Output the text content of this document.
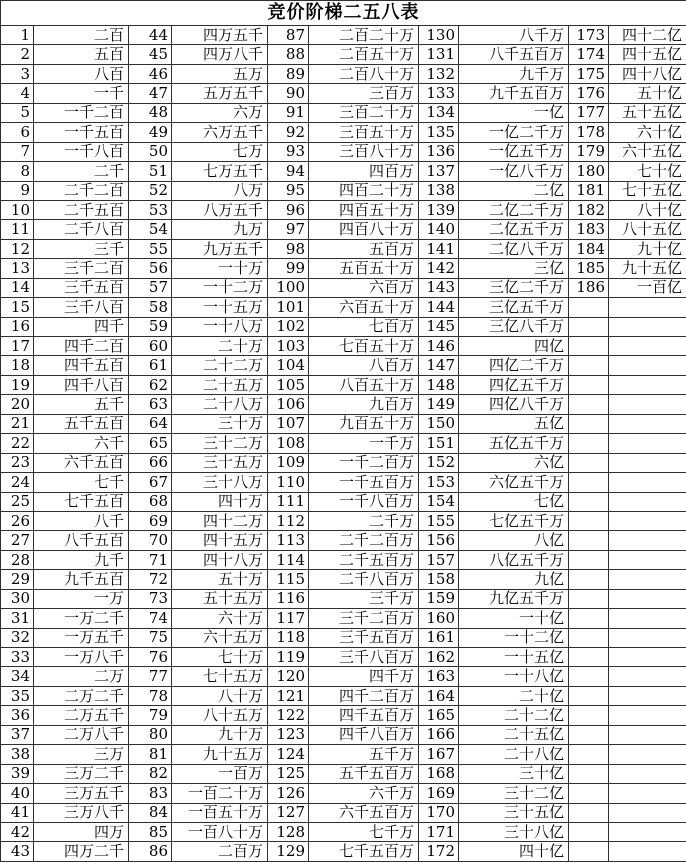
竞价阶梯二五八表									
1	二百	44	四万五千	87	二百二十万	130	八千万	173	四十二亿
2	五百	45	四万八千	88	二百五十万	131	八千五百万	174	四十五亿
3	八百	46	五万	89	二百八十万	132	九千万	175	四十八亿
4	一千	47	五万五千	90	三百万	133	九千五百万	176	五十亿
5	一千二百	48	六万	91	三百二十万	134	一亿	177	五十五亿
6	一千五百	49	六万五千	92	三百五十万	135	一亿二千万	178	六十亿
7	一千八百	50	七万	93	三百八十万	136	一亿五千万	179	六十五亿
8	二千	51	七万五千	94	四百万	137	一亿八千万	180	七十亿
9	二千二百	52	八万	95	四百二十万	138	二亿	181	七十五亿
10	二千五百	53	八万五千	96	四百五十万	139	二亿二千万	182	八十亿
11	二千八百	54	九万	97	四百八十万	140	二亿五千万	183	八十五亿
12	三千	55	九万五千	98	五百万	141	二亿八千万	184	九十亿
13	三千二百	56	一十万	99	五百五十万	142	三亿	185	九十五亿
14	三千五百	57	一十二万	100	六百万	143	三亿二千万	186	一百亿
15	三千八百	58	一十五万	101	六百五十万	144	三亿五千万		
16	四千	59	一十八万	102	七百万	145	三亿八千万		
17	四千二百	60	二十万	103	七百五十万	146	四亿		
18	四千五百	61	二十二万	104	八百万	147	四亿二千万		
19	四千八百	62	二十五万	105	八百五十万	148	四亿五千万		
20	五千	63	二十八万	106	九百万	149	四亿八千万		
21	五千五百	64	三十万	107	九百五十万	150	五亿		
22	六千	65	三十二万	108	一千万	151	五亿五千万		
23	六千五百	66	三十五万	109	一千二百万	152	六亿		
24	七千	67	三十八万	110	一千五百万	153	六亿五千万		
25	七千五百	68	四十万	111	一千八百万	154	七亿		
26	八千	69	四十二万	112	二千万	155	七亿五千万		
27	八千五百	70	四十五万	113	二千二百万	156	八亿		
28	九千	71	四十八万	114	二千五百万	157	八亿五千万		
29	九千五百	72	五十万	115	二千八百万	158	九亿		
30	一万	73	五十五万	116	三千万	159	九亿五千万		
31	一万二千	74	六十万	117	三千二百万	160	一十亿		
32	一万五千	75	六十五万	118	三千五百万	161	一十二亿		
33	一万八千	76	七十万	119	三千八百万	162	一十五亿		
34	二万	77	七十五万	120	四千万	163	一十八亿		
35	二万二千	78	八十万	121	四千二百万	164	二十亿		
36	二万五千	79	八十五万	122	四千五百万	165	二十二亿		
37	二万八千	80	九十万	123	四千八百万	166	二十五亿		
38	三万	81	九十五万	124	五千万	167	二十八亿		
39	三万二千	82	一百万	125	五千五百万	168	三十亿		
40	三万五千	83	一百二十万	126	六千万	169	三十二亿		
41	三万八千	84	一百五十万	127	六千五百万	170	三十五亿		
42	四万	85	一百八十万	128	七千万	171	三十八亿		
43	四万二千	86	二百万	129	七千五百万	172	四十亿		
